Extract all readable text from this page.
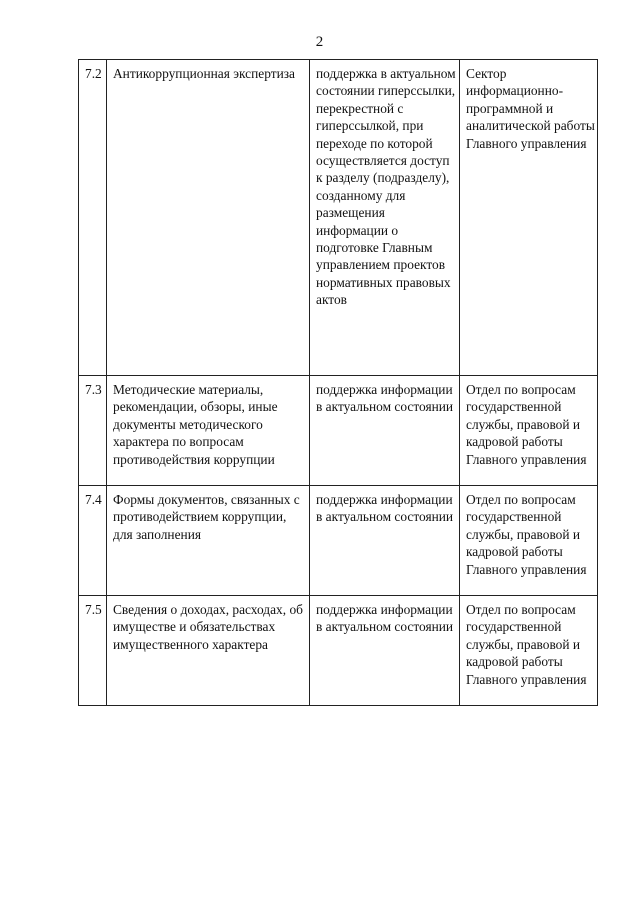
2
7.2	Антикоррупционная экспертиза	поддержка в актуальном состоянии гиперссылки, перекрестной с гиперссылкой, при переходе по которой осуществляется доступ к разделу (подразделу), созданному для размещения информации о подготовке Главным управлением проектов нормативных правовых актов	Сектор информационно-программной и аналитической работы Главного управления
7.3	Методические материалы, рекомендации, обзоры, иные документы методического характера по вопросам противодействия коррупции	поддержка информации в актуальном состоянии	Отдел по вопросам государственной службы, правовой и кадровой работы Главного управления
7.4	Формы документов, связанных с противодействием коррупции, для заполнения	поддержка информации в актуальном состоянии	Отдел по вопросам государственной службы, правовой и кадровой работы Главного управления
7.5	Сведения о доходах, расходах, об имуществе и обязательствах имущественного характера	поддержка информации в актуальном состоянии	Отдел по вопросам государственной службы, правовой и кадровой работы Главного управления
